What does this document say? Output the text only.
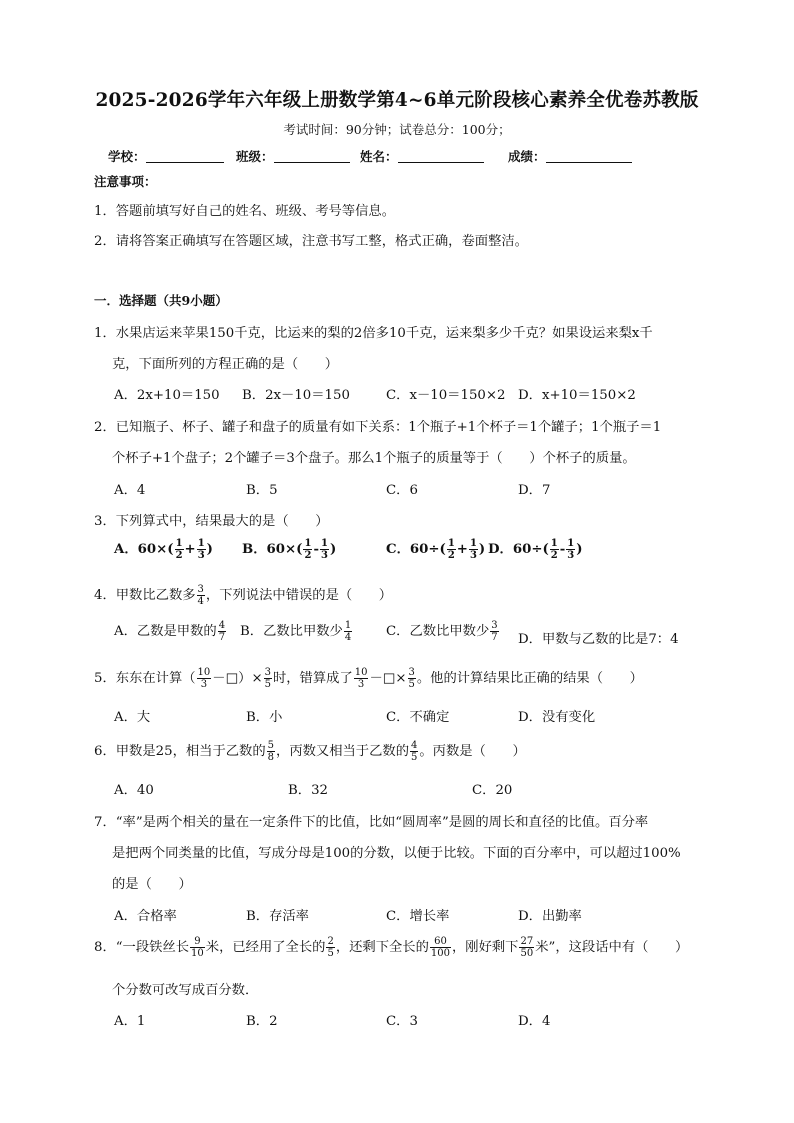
2025-2026学年六年级上册数学第4~6单元阶段核心素养全优卷苏教版
考试时间：90分钟；试卷总分：100分；
学校：	班级：	姓名：	成绩：
注意事项：
1．答题前填写好自己的姓名、班级、考号等信息。
2．请将答案正确填写在答题区域，注意书写工整，格式正确，卷面整洁。
一．选择题（共9小题）
1．水果店运来苹果150千克，比运来的梨的2倍多10千克，运来梨多少千克？如果设运来梨x千
克，下面所列的方程正确的是（　　）
A．2x+10＝150 B．2x－10＝150	C．x－10＝150×2 D．x+10＝150×2
2．已知瓶子、杯子、罐子和盘子的质量有如下关系：1个瓶子+1个杯子＝1个罐子；1个瓶子＝1
个杯子+1个盘子；2个罐子＝3个盘子。那么1个瓶子的质量等于（　　）个杯子的质量。
A．4	B．5	C．6	D．7
3．下列算式中，结果最大的是（　　）
A．$60\times( \frac{1}{2} + \frac{1}{3}$ ) B．$60\times( \frac{1}{2} - \frac{1}{3}$ )	C．$60\div( \frac{1}{2} + \frac{1}{3}$ ) D．$60\div( \frac{1}{2} - \frac{1}{3}$ )
4．甲数比乙数多 $\frac{3}{4}$ ，下列说法中错误的是（　　）
A．乙数是甲数的 $\frac{4}{7}$ B．乙数比甲数少 $\frac{1}{4}$	C．乙数比甲数少 $\frac{3}{7}$ D．甲数与乙数的比是7：4
5．东东在计算（ $\frac{10}{3}$ －□）× $\frac{3}{5}$ 时，错算成了 $\frac{10}{3}$ －□× $\frac{3}{5}$ 。他的计算结果比正确的结果（　　）
A．大	B．小	C．不确定	D．没有变化
6．甲数是25，相当于乙数的 $\frac{5}{8}$ ，丙数又相当于乙数的 $\frac{4}{5}$ 。丙数是（　　）
A．40	B．32	C．20
7．“率”是两个相关的量在一定条件下的比值，比如“圆周率”是圆的周长和直径的比值。百分率
是把两个同类量的比值，写成分母是100的分数，以便于比较。下面的百分率中，可以超过100%
的是（　　）
A．合格率	B．存活率	C．增长率	D．出勤率
8．“一段铁丝长 $\frac{9}{10}$ 米，已经用了全长的 $\frac{2}{5}$ ，还剩下全长的 $\frac{60}{100}$ ，刚好剩下 $\frac{27}{50}$ 米”，这段话中有（　　）
个分数可改写成百分数．
A．1	B．2	C．3	D．4
